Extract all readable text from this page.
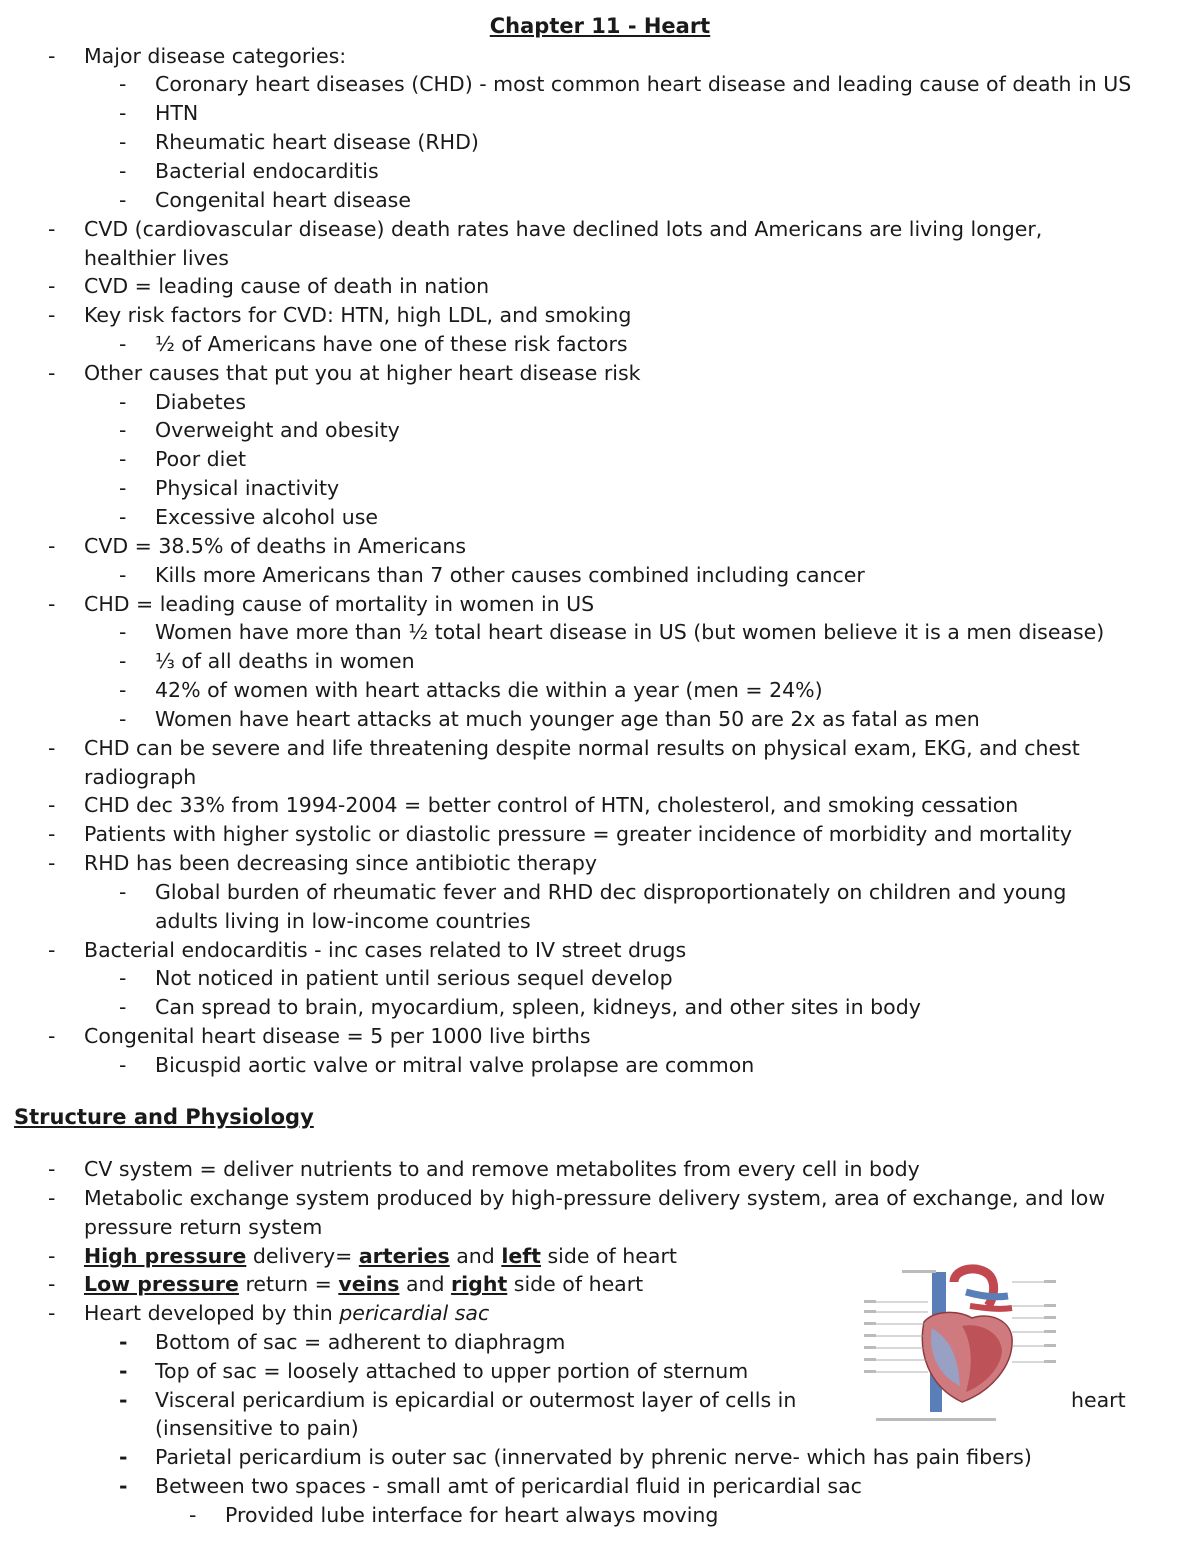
Chapter 11 - Heart
- Major disease categories:
- Coronary heart diseases (CHD) - most common heart disease and leading cause of death in US
- HTN
- Rheumatic heart disease (RHD)
- Bacterial endocarditis
- Congenital heart disease
- CVD (cardiovascular disease) death rates have declined lots and Americans are living longer,
healthier lives
- CVD = leading cause of death in nation
- Key risk factors for CVD: HTN, high LDL, and smoking
- ½ of Americans have one of these risk factors
- Other causes that put you at higher heart disease risk
- Diabetes
- Overweight and obesity
- Poor diet
- Physical inactivity
- Excessive alcohol use
- CVD = 38.5% of deaths in Americans
- Kills more Americans than 7 other causes combined including cancer
- CHD = leading cause of mortality in women in US
- Women have more than ½ total heart disease in US (but women believe it is a men disease)
- ⅓ of all deaths in women
- 42% of women with heart attacks die within a year (men = 24%)
- Women have heart attacks at much younger age than 50 are 2x as fatal as men
- CHD can be severe and life threatening despite normal results on physical exam, EKG, and chest
radiograph
- CHD dec 33% from 1994-2004 = better control of HTN, cholesterol, and smoking cessation
- Patients with higher systolic or diastolic pressure = greater incidence of morbidity and mortality
- RHD has been decreasing since antibiotic therapy
- Global burden of rheumatic fever and RHD dec disproportionately on children and young
adults living in low-income countries
- Bacterial endocarditis - inc cases related to IV street drugs
- Not noticed in patient until serious sequel develop
- Can spread to brain, myocardium, spleen, kidneys, and other sites in body
- Congenital heart disease = 5 per 1000 live births
- Bicuspid aortic valve or mitral valve prolapse are common
Structure and Physiology
- CV system = deliver nutrients to and remove metabolites from every cell in body
- Metabolic exchange system produced by high-pressure delivery system, area of exchange, and low
pressure return system
- High pressure delivery= arteries and left side of heart
- Low pressure return = veins and right side of heart
- Heart developed by thin pericardial sac
- Bottom of sac = adherent to diaphragm
- Top of sac = loosely attached to upper portion of sternum
- Visceral pericardium is epicardial or outermost layer of cells in	heart
(insensitive to pain)
- Parietal pericardium is outer sac (innervated by phrenic nerve- which has pain fibers)
- Between two spaces - small amt of pericardial fluid in pericardial sac
- Provided lube interface for heart always moving
